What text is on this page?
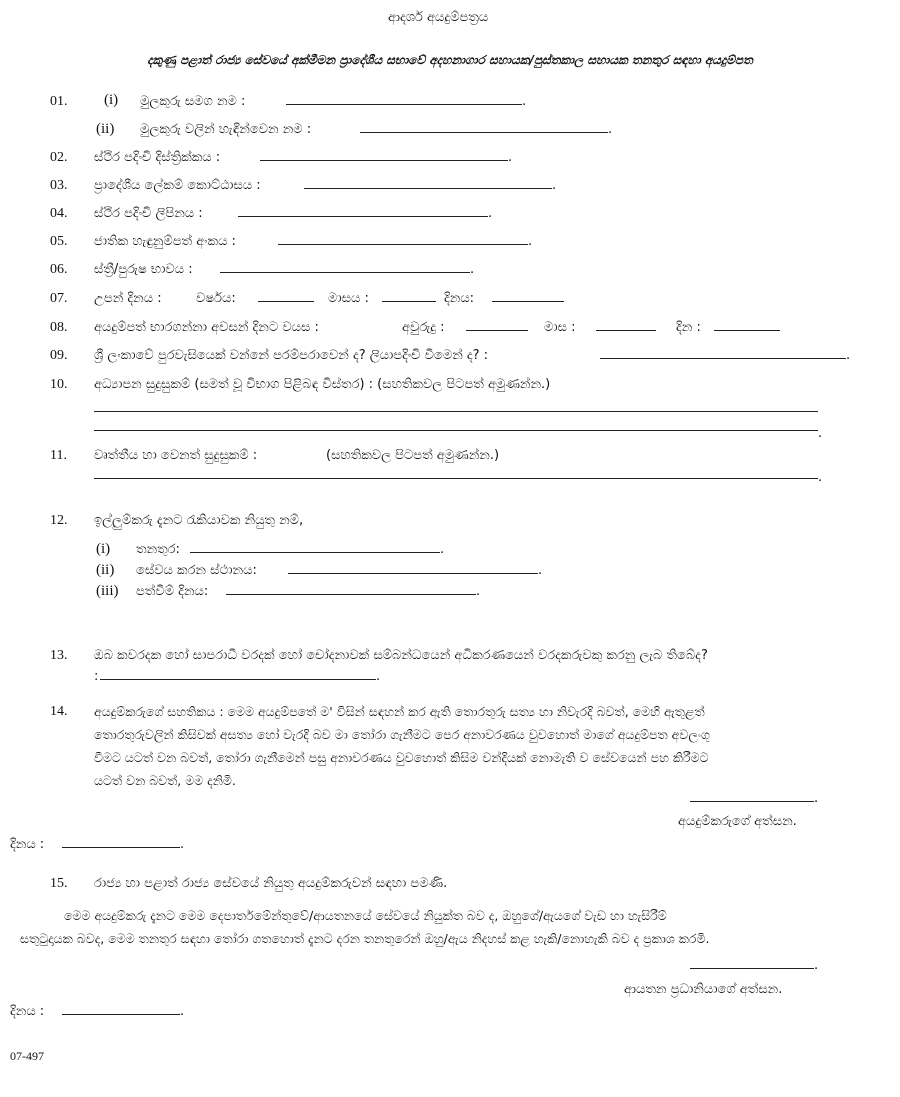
ආදර්ශ අයදුම්පත්‍රය
දකුණු පළාත් රාජ්‍ය සේවයේ අක්මීමන ප්‍රාදේශීය සභාවේ අදහනාගාර සහායක/පුස්තකාල සහායක තනතුර සඳහා අයදුම්පත
01. (i) මුලකුරු සමග නම :	.
(ii) මුලකුරු වලින් හැඳින්වෙන නම :	.
02. ස්ථිර පදිංචි දිස්ත්‍රික්කය :	.
03. ප්‍රාදේශීය ලේකම් කොට්ඨාසය :	.
04. ස්ථිර පදිංචි ලිපිනය :	.
05. ජාතික හැඳුනුම්පත් අංකය :	.
06. ස්ත්‍රී/පුරුෂ භාවය :	.
07. උපන් දිනය :	වර්ෂය:	මාසය :	දිනය:
08. අයදුම්පත් භාරගන්නා අවසන් දිනට වයස :	අවුරුදු :	මාස :	දින :
09. ශ්‍රී ලංකාවේ පුරවැසියෙක් වන්නේ පරම්පරාවෙන් ද? ලියාපදිංචි වීමෙන් ද? :	.
10. අධ්‍යාපන සුදුසුකම් (සමත් වූ විභාග පිළිබඳ විස්තර) : (සහතිකවල පිටපත් අමුණන්න.)
.
11. වෘත්තීය හා වෙනත් සුදුසුකම් :	(සහතිකවල පිටපත් අමුණන්න.)
.
12. ඉල්ලුම්කරු දැනට රැකියාවක නියුතු නම්,
(i) තනතුර:	.
(ii) සේවය කරන ස්ථානය:	.
(iii) පත්වීම් දිනය:	.
13. ඔබ කවරදක හෝ සාපරාධී වරදක් හෝ චෝදනාවක් සම්බන්ධයෙන් අධිකරණයෙන් වරදකරුවකු කරනු ලැබ තිබේද?
:	.
14. අයදුම්කරුගේ සහතිකය : මෙම අයදුම්පතේ ම' විසින් සඳහන් කර ඇති තොරතුරු සත්‍ය හා නිවැරදි බවත්, මෙහි ඇතුළත්
තොරතුරුවලින් කිසිවක් අසත්‍ය හෝ වැරදි බව මා තෝරා ගැනීමට පෙර අනාවරණය වුවහොත් මාගේ අයදුම්පත අවලංගු
වීමට යටත් වන බවත්, තෝරා ගැනීමෙන් පසු අනාවරණය වුවහොත් කිසිම වන්දියක් නොමැති ව සේවයෙන් පහ කිරීමට
යටත් වන බවත්, මම දනිමි.
.
අයදුම්කරුගේ අත්සන.
දිනය :	.
15. රාජ්‍ය හා පළාත් රාජ්‍ය සේවයේ නියුතු අයදුම්කරුවන් සඳහා පමණි.
මෙම අයදුම්කරු දැනට මෙම දෙපාර්තමේන්තුවේ/ආයතනයේ සේවයේ නියුක්ත බව ද, ඔහුගේ/ඇයගේ වැඩ හා හැසිරීම්
සතුටුදායක බවද, මෙම තනතුර සඳහා තෝරා ගතහොත් දැනට දරන තනතුරෙන් ඔහු/ඇය නිදහස් කළ හැකි/නොහැකි බව ද ප්‍රකාශ කරමි.
.
ආයතන ප්‍රධානියාගේ අත්සන.
දිනය :	.
07-497
